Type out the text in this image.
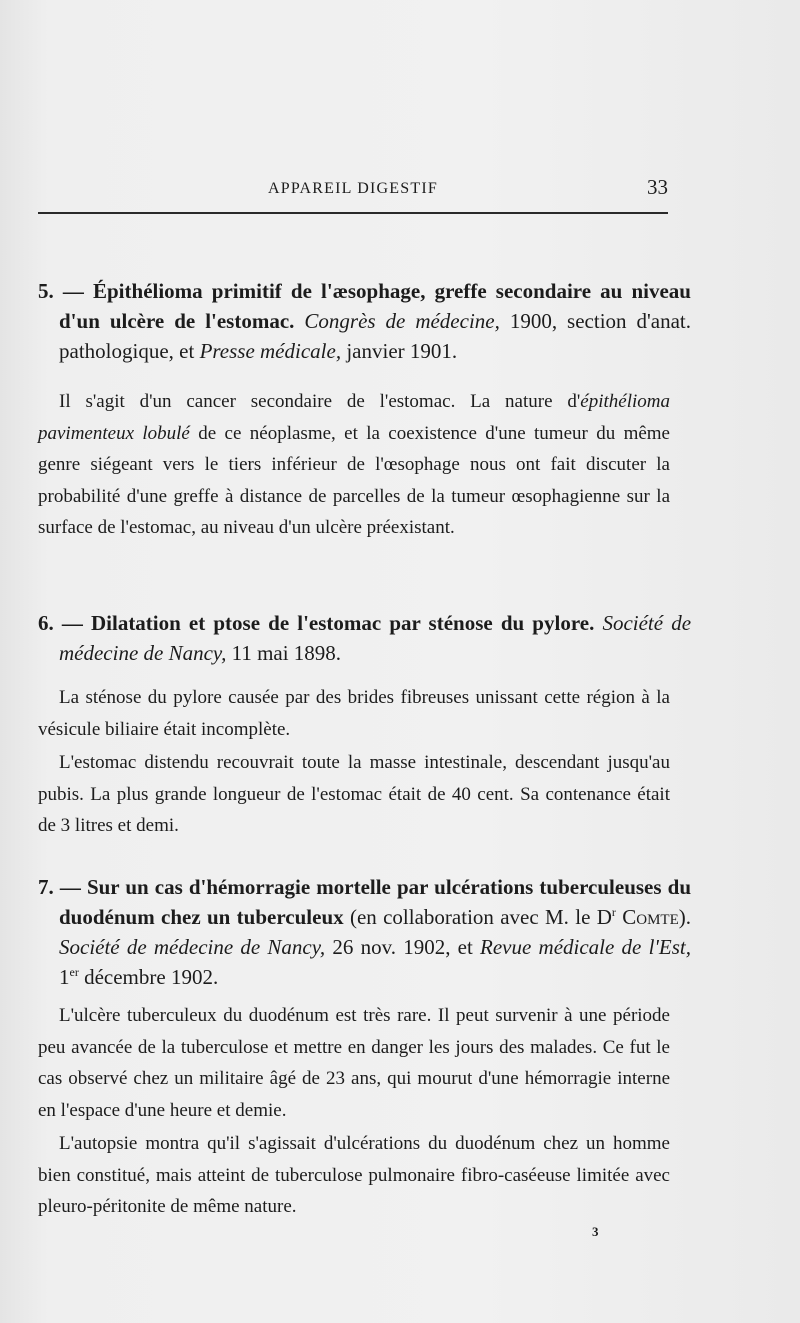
APPAREIL DIGESTIF	33
5. — Épithélioma primitif de l'æsophage, greffe secondaire au niveau d'un ulcère de l'estomac. Congrès de médecine, 1900, section d'anat. pathologique, et Presse médicale, janvier 1901.

Il s'agit d'un cancer secondaire de l'estomac. La nature d'épithélioma pavimenteux lobulé de ce néoplasme, et la coexistence d'une tumeur du même genre siégeant vers le tiers inférieur de l'œsophage nous ont fait discuter la probabilité d'une greffe à distance de parcelles de la tumeur œsophagienne sur la surface de l'estomac, au niveau d'un ulcère préexistant.

6. — Dilatation et ptose de l'estomac par sténose du pylore. Société de médecine de Nancy, 11 mai 1898.

La sténose du pylore causée par des brides fibreuses unissant cette région à la vésicule biliaire était incomplète.

L'estomac distendu recouvrait toute la masse intestinale, descendant jusqu'au pubis. La plus grande longueur de l'estomac était de 40 cent. Sa contenance était de 3 litres et demi.

7. — Sur un cas d'hémorragie mortelle par ulcérations tuberculeuses du duodénum chez un tuberculeux (en collaboration avec M. le $D^r$ Comte). Société de médecine de Nancy, 26 nov. 1902, et Revue médicale de l'Est, 1er décembre 1902.

L'ulcère tuberculeux du duodénum est très rare. Il peut survenir à une période peu avancée de la tuberculose et mettre en danger les jours des malades. Ce fut le cas observé chez un militaire âgé de 23 ans, qui mourut d'une hémorragie interne en l'espace d'une heure et demie.

L'autopsie montra qu'il s'agissait d'ulcérations du duodénum chez un homme bien constitué, mais atteint de tuberculose pulmonaire fibro-caséeuse limitée avec pleuro-péritonite de même nature.

3
